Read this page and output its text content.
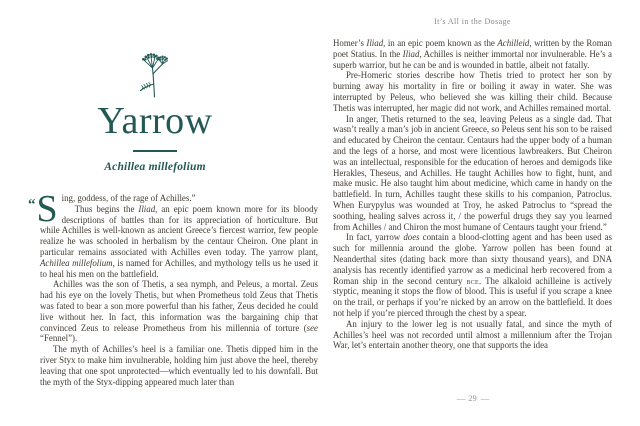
Yarrow

Achillea millefolium

“S ing, goddess, of the rage of Achilles.”

Thus begins the Iliad, an epic poem known more for its bloody descriptions of battles than for its appreciation of horticulture. But while Achilles is well-known as ancient Greece’s fiercest warrior, few people realize he was schooled in herbalism by the centaur Cheiron. One plant in particular remains associated with Achilles even today. The yarrow plant, Achillea millefolium, is named for Achilles, and mythology tells us he used it to heal his men on the battlefield.

Achilles was the son of Thetis, a sea nymph, and Peleus, a mortal. Zeus had his eye on the lovely Thetis, but when Prometheus told Zeus that Thetis was fated to bear a son more powerful than his father, Zeus decided he could live without her. In fact, this information was the bargaining chip that convinced Zeus to release Prometheus from his millennia of torture (see “Fennel”).

The myth of Achilles’s heel is a familiar one. Thetis dipped him in the river Styx to make him invulnerable, holding him just above the heel, thereby leaving that one spot unprotected—which eventually led to his downfall. But the myth of the Styx-dipping appeared much later than

It’s All in the Dosage

Homer’s Iliad, in an epic poem known as the Achilleid, written by the Roman poet Statius. In the Iliad, Achilles is neither immortal nor invulnerable. He’s a superb warrior, but he can be and is wounded in battle, albeit not fatally.

Pre-Homeric stories describe how Thetis tried to protect her son by burning away his mortality in fire or boiling it away in water. She was interrupted by Peleus, who believed she was killing their child. Because Thetis was interrupted, her magic did not work, and Achilles remained mortal.

In anger, Thetis returned to the sea, leaving Peleus as a single dad. That wasn’t really a man’s job in ancient Greece, so Peleus sent his son to be raised and educated by Cheiron the centaur. Centaurs had the upper body of a human and the legs of a horse, and most were licentious lawbreakers. But Cheiron was an intellectual, responsible for the education of heroes and demigods like Herakles, Theseus, and Achilles. He taught Achilles how to fight, hunt, and make music. He also taught him about medicine, which came in handy on the battlefield. In turn, Achilles taught these skills to his companion, Patroclus. When Eurypylus was wounded at Troy, he asked Patroclus to “spread the soothing, healing salves across it, / the powerful drugs they say you learned from Achilles / and Chiron the most humane of Centaurs taught your friend.”

In fact, yarrow does contain a blood-clotting agent and has been used as such for millennia around the globe. Yarrow pollen has been found at Neanderthal sites (dating back more than sixty thousand years), and DNA analysis has recently identified yarrow as a medicinal herb recovered from a Roman ship in the second century bce. The alkaloid achilleine is actively styptic, meaning it stops the flow of blood. This is useful if you scrape a knee on the trail, or perhaps if you’re nicked by an arrow on the battlefield. It does not help if you’re pierced through the chest by a spear.

An injury to the lower leg is not usually fatal, and since the myth of Achilles’s heel was not recorded until almost a millennium after the Trojan War, let’s entertain another theory, one that supports the idea

— 29 —
